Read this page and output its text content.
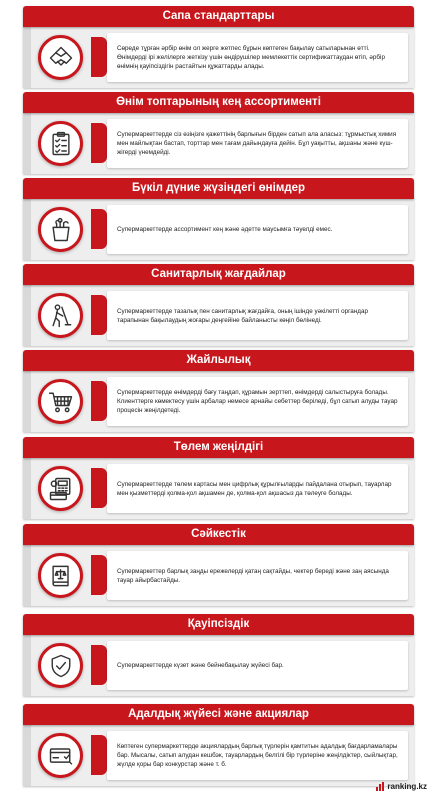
Сапа стандарттары

Сөреде тұрған әрбір өнім ол жерге жетпес бұрын көптеген бақылау сатыларынан өтті. Өнімдерді ірі желілерге жеткізу үшін өндірушілер мемлекеттік сертификаттаудан өтіп, әрбір өнімнің қауіпсіздігін растайтын құжаттарды алады.

Өнім топтарының кең ассортименті

Супермаркеттерде сіз өзіңізге қажеттінің барлығын бірден сатып ала аласыз: тұрмыстық химия мен майлықтан бастап, торттар мен тағам дайындауға дейін. Бұл уақытты, ақшаны және күш-жігерді үнемдейді.

Бүкіл дүние жүзіндегі өнімдер

Супермаркеттерде ассортимент кең және әдетте маусымға тәуелді емес.

Санитарлық жағдайлар

Супермаркеттерде тазалық пен санитарлық жағдайға, оның ішінде уәкілетті органдар тарапынан бақылаудың жоғары деңгейіне байланысты көңіл бөлінеді.

Жайлылық

Супермаркеттерде өнімдерді бағу таңдап, құрамын зерттеп, өнімдерді салыстыруға болады. Клиенттерге көмектесу үшін арбалар немесе арнайы себеттер беріледі, бұл сатып алуды тауар процесін жеңілдетеді.

Төлем жеңілдігі

Супермаркеттерде төлем картасы мен цифрлық құрылғыларды пайдалана отырып, тауарлар мен қызметтерді қолма-қол ақшамен де, қолма-қол ақшасыз да төлеуге болады.

Сәйкестік

Супермаркеттер барлық заңды ережелерді қатаң сақтайды, чектер береді және заң аясында тауар айырбастайды.

Қауіпсіздік

Супермаркеттерде күзет және бейнебақылау жүйесі бар.

Адалдық жүйесі және акциялар

Көптеген супермаркеттерде акциялардың барлық түрлерін қамтитын адалдық бағдарламалары бар. Мысалы, сатып алудан кешбэк, тауарлардың белгілі бір түрлеріне жеңілдіктер, сыйлықтар, жүлде қоры бар конкурстар және т. б.

ranking.kz
